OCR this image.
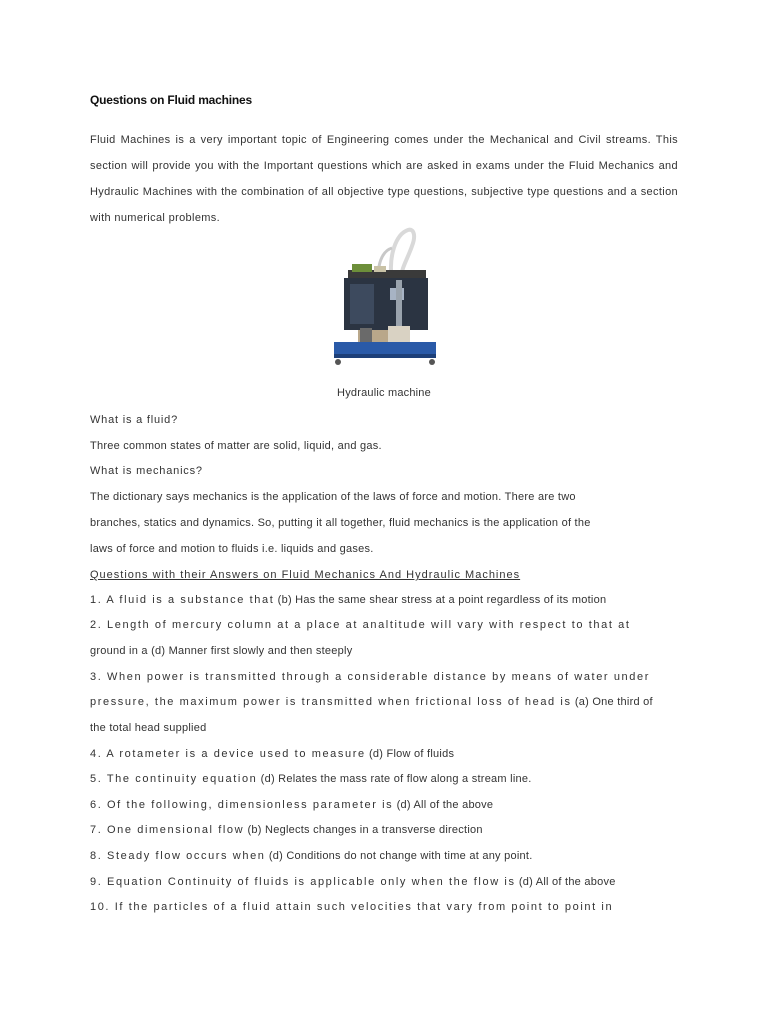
Questions on Fluid machines
Fluid Machines is a very important topic of Engineering comes under the Mechanical and Civil streams. This section will provide you with the Important questions which are asked in exams under the Fluid Mechanics and Hydraulic Machines with the combination of all objective type questions, subjective type questions and a section with numerical problems.
Hydraulic machine
What is a fluid?
Three common states of matter are solid, liquid, and gas.
What is mechanics?
The dictionary says mechanics is the application of the laws of force and motion. There are two
branches, statics and dynamics. So, putting it all together, fluid mechanics is the application of the
laws of force and motion to fluids i.e. liquids and gases.
Questions with their Answers on Fluid Mechanics And Hydraulic Machines
1. A fluid is a substance that (b) Has the same shear stress at a point regardless of its motion
2. Length of mercury column at a place at analtitude will vary with respect to that at
ground in a (d) Manner first slowly and then steeply
3. When power is transmitted through a considerable distance by means of water under
pressure, the maximum power is transmitted when frictional loss of head is (a) One third of
the total head supplied
4. A rotameter is a device used to measure (d) Flow of fluids
5. The continuity equation (d) Relates the mass rate of flow along a stream line.
6. Of the following, dimensionless parameter is (d) All of the above
7. One dimensional flow (b) Neglects changes in a transverse direction
8. Steady flow occurs when (d) Conditions do not change with time at any point.
9. Equation Continuity of fluids is applicable only when the flow is (d) All of the above
10. If the particles of a fluid attain such velocities that vary from point to point in
